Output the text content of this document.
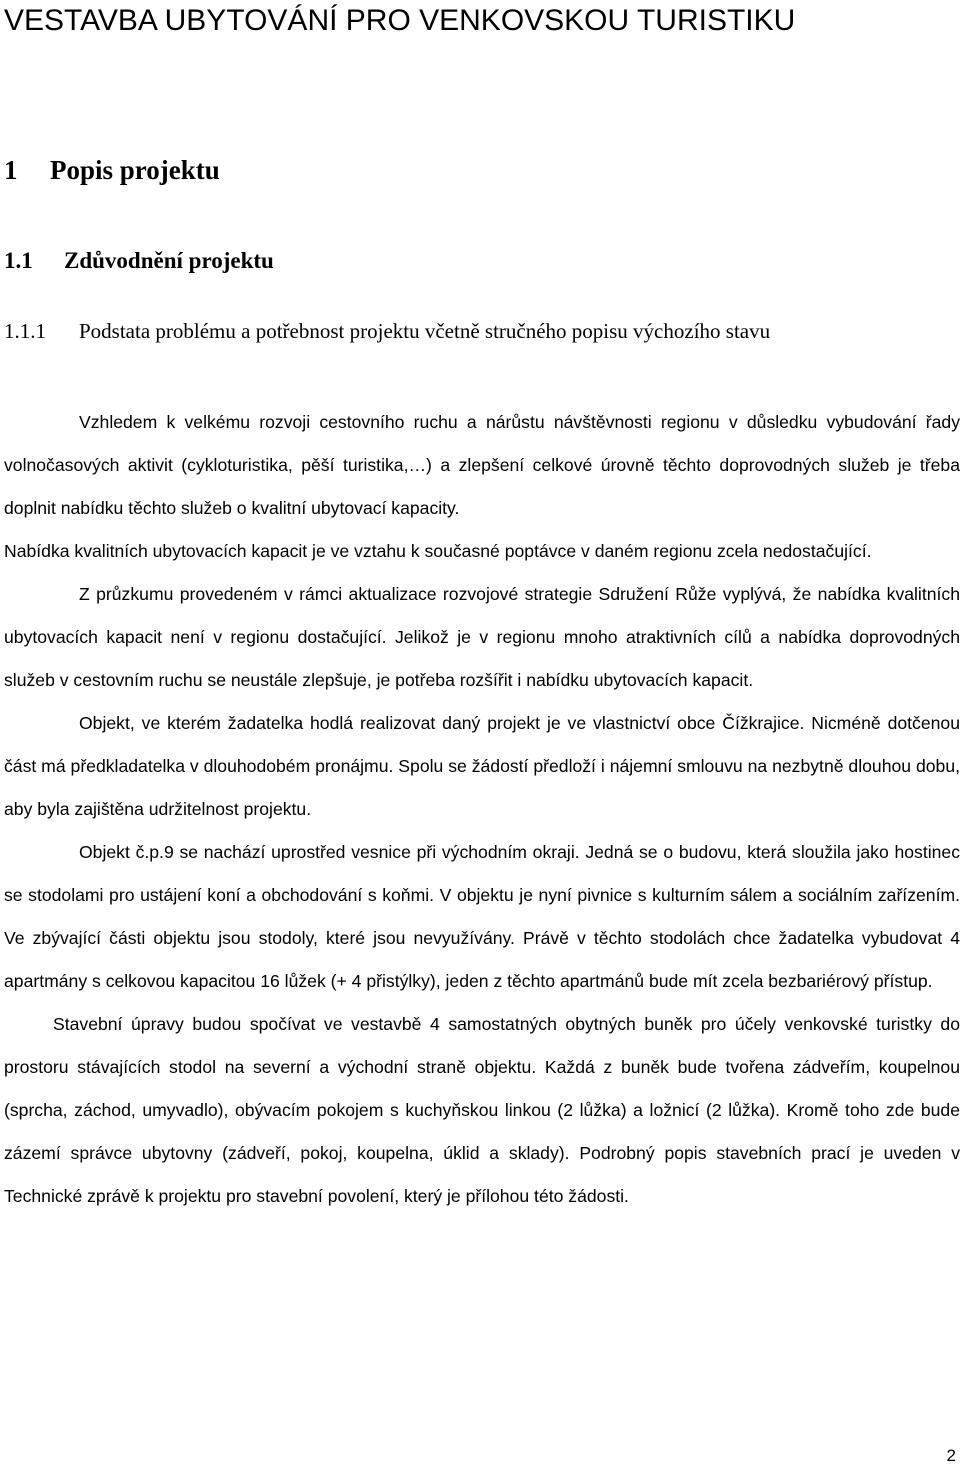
VESTAVBA UBYTOVÁNÍ PRO VENKOVSKOU TURISTIKU
1 Popis projektu
1.1 Zdůvodnění projektu
1.1.1 Podstata problému a potřebnost projektu včetně stručného popisu výchozího stavu

Vzhledem k velkému rozvoji cestovního ruchu a nárůstu návštěvnosti regionu v důsledku vybudování řady volnočasových aktivit (cykloturistika, pěší turistika,…) a zlepšení celkové úrovně těchto doprovodných služeb je třeba doplnit nabídku těchto služeb o kvalitní ubytovací kapacity.

Nabídka kvalitních ubytovacích kapacit je ve vztahu k současné poptávce v daném regionu zcela nedostačující.

Z průzkumu provedeném v rámci aktualizace rozvojové strategie Sdružení Růže vyplývá, že nabídka kvalitních ubytovacích kapacit není v regionu dostačující. Jelikož je v regionu mnoho atraktivních cílů a nabídka doprovodných služeb v cestovním ruchu se neustále zlepšuje, je potřeba rozšířit i nabídku ubytovacích kapacit.

Objekt, ve kterém žadatelka hodlá realizovat daný projekt je ve vlastnictví obce Čížkrajice. Nicméně dotčenou část má předkladatelka v dlouhodobém pronájmu. Spolu se žádostí předloží i nájemní smlouvu na nezbytně dlouhou dobu, aby byla zajištěna udržitelnost projektu.

Objekt č.p.9 se nachází uprostřed vesnice při východním okraji. Jedná se o budovu, která sloužila jako hostinec se stodolami pro ustájení koní a obchodování s koňmi. V objektu je nyní pivnice s kulturním sálem a sociálním zařízením. Ve zbývající části objektu jsou stodoly, které jsou nevyužívány. Právě v těchto stodolách chce žadatelka vybudovat 4 apartmány s celkovou kapacitou 16 lůžek (+ 4 přistýlky), jeden z těchto apartmánů bude mít zcela bezbariérový přístup.

Stavební úpravy budou spočívat ve vestavbě 4 samostatných obytných buněk pro účely venkovské turistky do prostoru stávajících stodol na severní a východní straně objektu. Každá z buněk bude tvořena zádveřím, koupelnou (sprcha, záchod, umyvadlo), obývacím pokojem s kuchyňskou linkou (2 lůžka) a ložnicí (2 lůžka). Kromě toho zde bude zázemí správce ubytovny (zádveří, pokoj, koupelna, úklid a sklady). Podrobný popis stavebních prací je uveden v Technické zprávě k projektu pro stavební povolení, který je přílohou této žádosti.

2
